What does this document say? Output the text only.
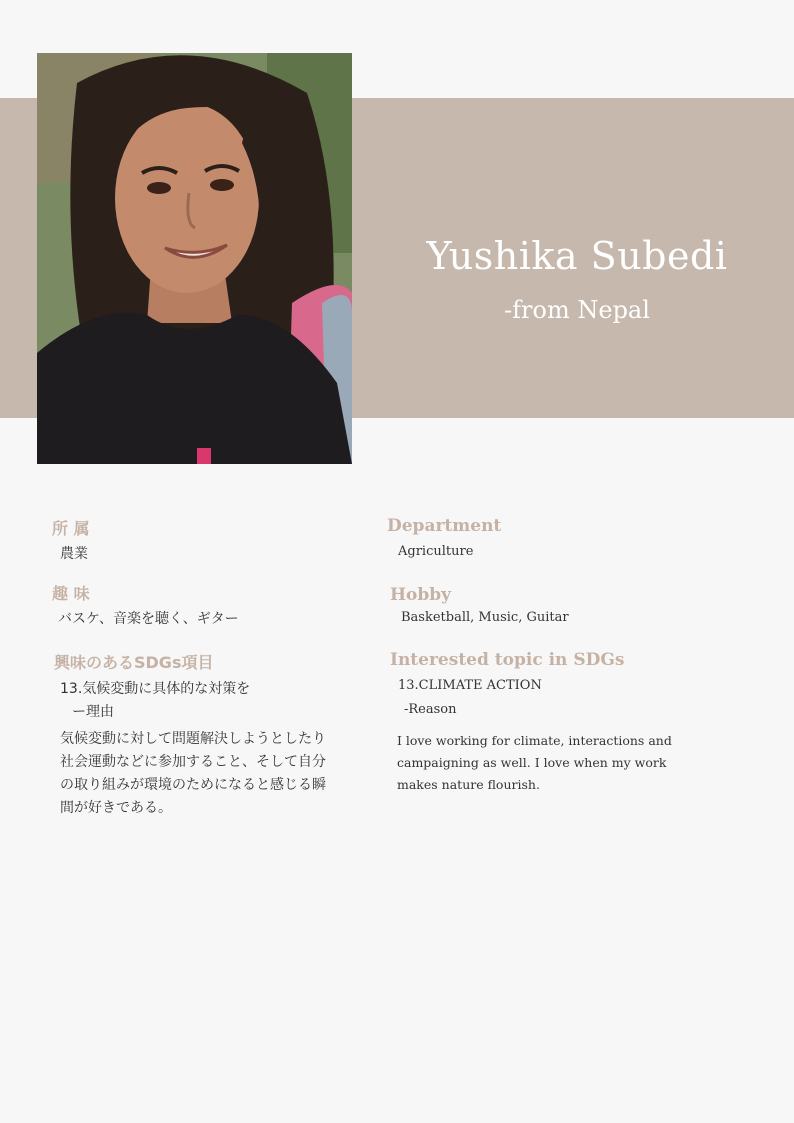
Yushika Subedi
-from Nepal
所 属
農業
趣 味
バスケ、音楽を聴く、ギター
興味のあるSDGs項目
13.気候変動に具体的な対策を
ー理由
気候変動に対して問題解決しようとしたり社会運動などに参加すること、そして自分の取り組みが環境のためになると感じる瞬間が好きである。
Department
Agriculture
Hobby
Basketball, Music, Guitar
Interested topic in SDGs
13.CLIMATE ACTION
-Reason
I love working for climate, interactions and campaigning as well. I love when my work makes nature flourish.
